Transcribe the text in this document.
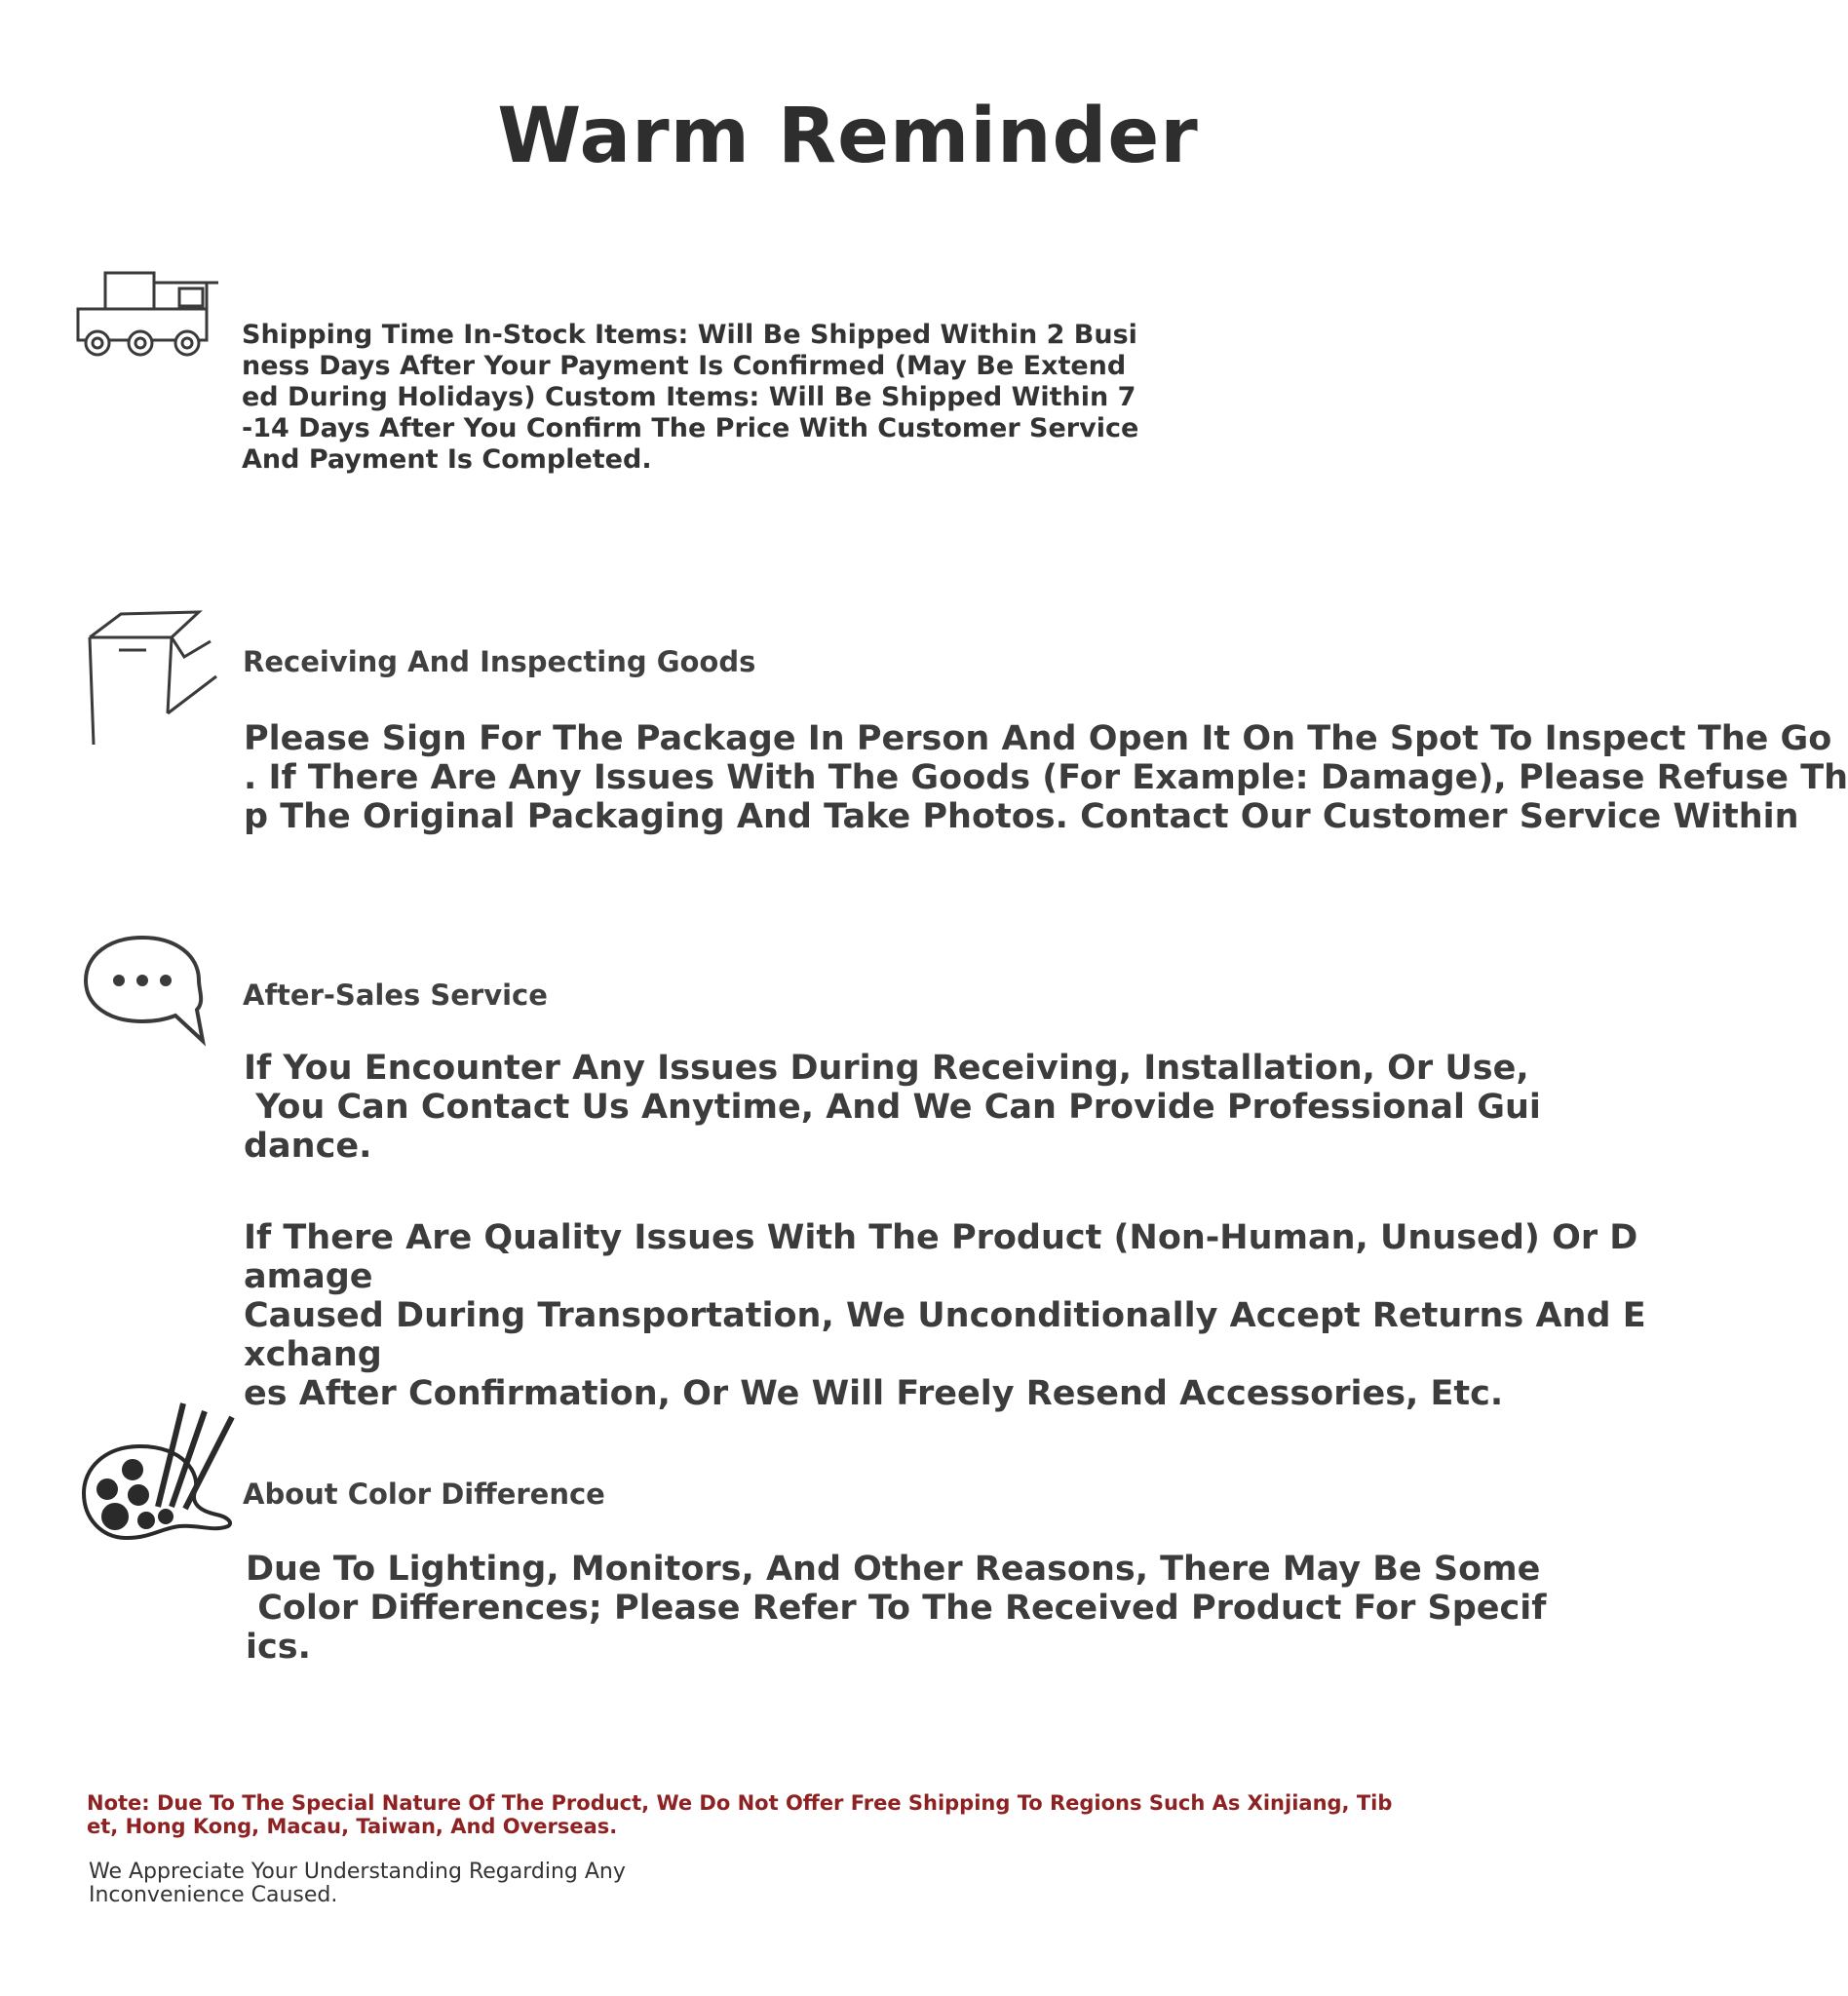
Warm Reminder
Shipping Time In-Stock Items: Will Be Shipped Within 2 Business Days After Your Payment Is Confirmed (May Be Extended During Holidays) Custom Items: Will Be Shipped Within 7-14 Days After You Confirm The Price With Customer Service And Payment Is Completed.
Receiving And Inspecting Goods
Please Sign For The Package In Person And Open It On The Spot To Inspect The Go
. If There Are Any Issues With The Goods (For Example: Damage), Please Refuse Th
p The Original Packaging And Take Photos. Contact Our Customer Service Within
After-Sales Service
If You Encounter Any Issues During Receiving, Installation, Or Use,
You Can Contact Us Anytime, And We Can Provide Professional Gui
dance.
If There Are Quality Issues With The Product (Non-Human, Unused) Or Damage
Caused During Transportation, We Unconditionally Accept Returns And Exchang
es After Confirmation, Or We Will Freely Resend Accessories, Etc.
About Color Difference
Due To Lighting, Monitors, And Other Reasons, There May Be Some
Color Differences; Please Refer To The Received Product For Specif
ics.
Note: Due To The Special Nature Of The Product, We Do Not Offer Free Shipping To Regions Such As Xinjiang, Tibet, Hong Kong, Macau, Taiwan, And Overseas.
We Appreciate Your Understanding Regarding Any Inconvenience Caused.
